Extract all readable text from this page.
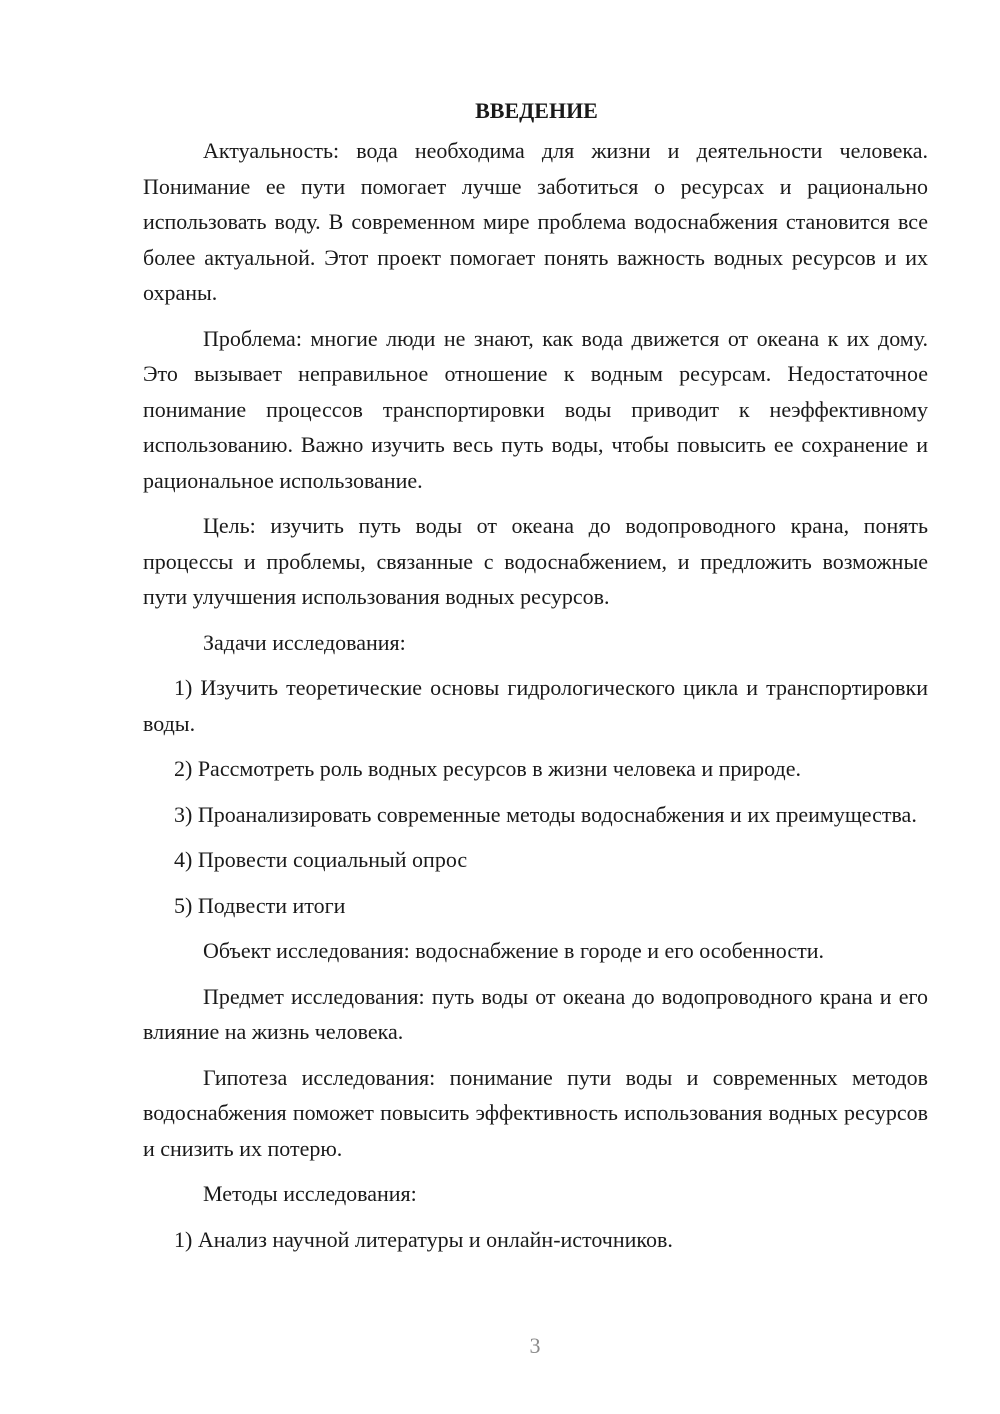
ВВЕДЕНИЕ

Актуальность: вода необходима для жизни и деятельности человека. Понимание ее пути помогает лучше заботиться о ресурсах и рационально использовать воду. В современном мире проблема водоснабжения становится все более актуальной. Этот проект помогает понять важность водных ресурсов и их охраны.

Проблема: многие люди не знают, как вода движется от океана к их дому. Это вызывает неправильное отношение к водным ресурсам. Недостаточное понимание процессов транспортировки воды приводит к неэффективному использованию. Важно изучить весь путь воды, чтобы повысить ее сохранение и рациональное использование.

Цель: изучить путь воды от океана до водопроводного крана, понять процессы и проблемы, связанные с водоснабжением, и предложить возможные пути улучшения использования водных ресурсов.

Задачи исследования:

1) Изучить теоретические основы гидрологического цикла и транспортировки воды.

2) Рассмотреть роль водных ресурсов в жизни человека и природе.

3) Проанализировать современные методы водоснабжения и их преимущества.

4) Провести социальный опрос

5) Подвести итоги

Объект исследования: водоснабжение в городе и его особенности.

Предмет исследования: путь воды от океана до водопроводного крана и его влияние на жизнь человека.

Гипотеза исследования: понимание пути воды и современных методов водоснабжения поможет повысить эффективность использования водных ресурсов и снизить их потерю.

Методы исследования:

1) Анализ научной литературы и онлайн-источников.

3
